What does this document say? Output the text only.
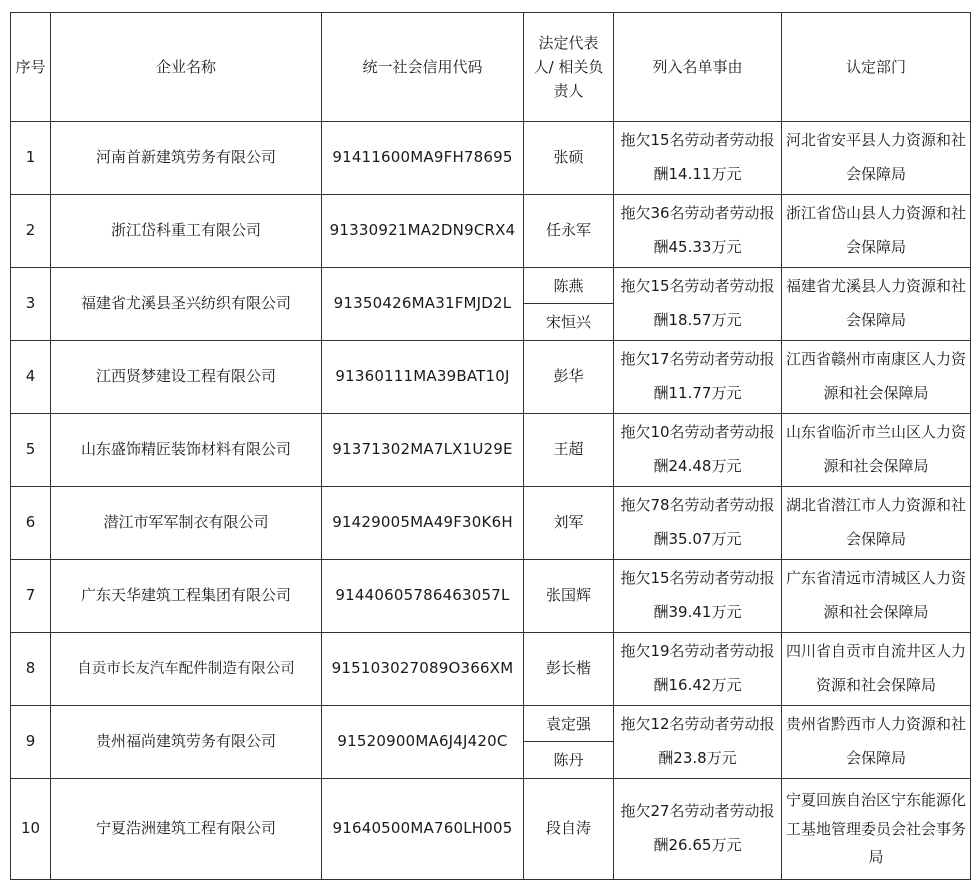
序号	企业名称	统一社会信用代码	法定代表人/ 相关负责人	列入名单事由	认定部门
1	河南首新建筑劳务有限公司	91411600MA9FH78695	张硕	拖欠15名劳动者劳动报酬14.11万元	河北省安平县人力资源和社会保障局
2	浙江岱科重工有限公司	91330921MA2DN9CRX4	任永军	拖欠36名劳动者劳动报酬45.33万元	浙江省岱山县人力资源和社会保障局
3	福建省尤溪县圣兴纺织有限公司	91350426MA31FMJD2L	陈燕	拖欠15名劳动者劳动报酬18.57万元	福建省尤溪县人力资源和社会保障局
			宋恒兴		
4	江西贤梦建设工程有限公司	91360111MA39BAT10J	彭华	拖欠17名劳动者劳动报酬11.77万元	江西省赣州市南康区人力资源和社会保障局
5	山东盛饰精匠装饰材料有限公司	91371302MA7LX1U29E	王超	拖欠10名劳动者劳动报酬24.48万元	山东省临沂市兰山区人力资源和社会保障局
6	潜江市军军制衣有限公司	91429005MA49F30K6H	刘军	拖欠78名劳动者劳动报酬35.07万元	湖北省潜江市人力资源和社会保障局
7	广东天华建筑工程集团有限公司	91440605786463057L	张国辉	拖欠15名劳动者劳动报酬39.41万元	广东省清远市清城区人力资源和社会保障局
8	自贡市长友汽车配件制造有限公司	915103027089O366XM	彭长楷	拖欠19名劳动者劳动报酬16.42万元	四川省自贡市自流井区人力资源和社会保障局
9	贵州福尚建筑劳务有限公司	91520900MA6J4J420C	袁定强	拖欠12名劳动者劳动报酬23.8万元	贵州省黔西市人力资源和社会保障局
			陈丹		
10	宁夏浩洲建筑工程有限公司	91640500MA760LH005	段自涛	拖欠27名劳动者劳动报酬26.65万元	宁夏回族自治区宁东能源化工基地管理委员会社会事务局
